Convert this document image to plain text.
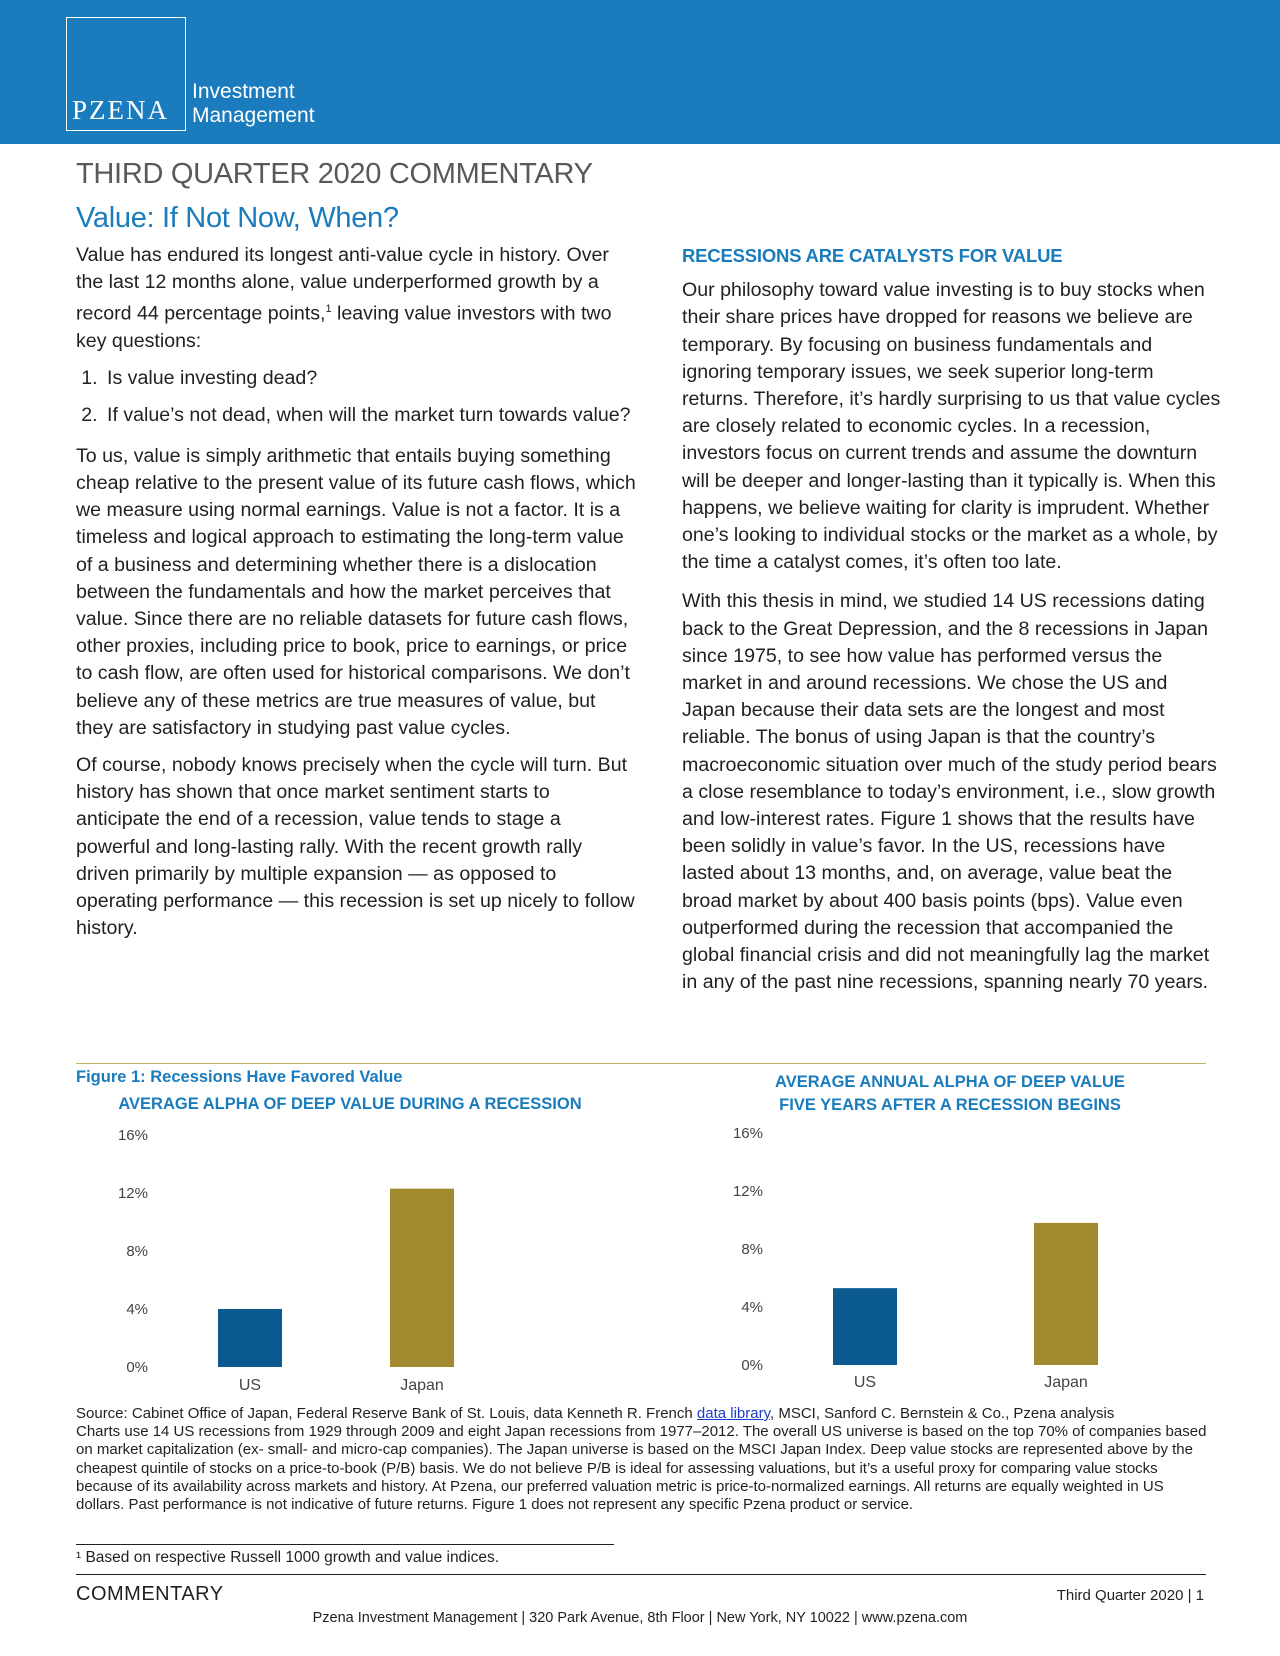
PZENA
Investment
Management
THIRD QUARTER 2020 COMMENTARY
Value: If Not Now, When?

Value has endured its longest anti-value cycle in history. Over the last 12 months alone, value underperformed growth by a record 44 percentage points,$^1$ leaving value investors with two key questions:

1. Is value investing dead?
2. If value’s not dead, when will the market turn towards value?

To us, value is simply arithmetic that entails buying something cheap relative to the present value of its future cash flows, which we measure using normal earnings. Value is not a factor. It is a timeless and logical approach to estimating the long-term value of a business and determining whether there is a dislocation between the fundamentals and how the market perceives that value. Since there are no reliable datasets for future cash flows, other proxies, including price to book, price to earnings, or price to cash flow, are often used for historical comparisons. We don’t believe any of these metrics are true measures of value, but they are satisfactory in studying past value cycles.

Of course, nobody knows precisely when the cycle will turn. But history has shown that once market sentiment starts to anticipate the end of a recession, value tends to stage a powerful and long-lasting rally. With the recent growth rally driven primarily by multiple expansion — as opposed to operating performance — this recession is set up nicely to follow history.

RECESSIONS ARE CATALYSTS FOR VALUE

Our philosophy toward value investing is to buy stocks when their share prices have dropped for reasons we believe are temporary. By focusing on business fundamentals and ignoring temporary issues, we seek superior long-term returns. Therefore, it’s hardly surprising to us that value cycles are closely related to economic cycles. In a recession, investors focus on current trends and assume the downturn will be deeper and longer-lasting than it typically is. When this happens, we believe waiting for clarity is imprudent. Whether one’s looking to individual stocks or the market as a whole, by the time a catalyst comes, it’s often too late.

With this thesis in mind, we studied 14 US recessions dating back to the Great Depression, and the 8 recessions in Japan since 1975, to see how value has performed versus the market in and around recessions. We chose the US and Japan because their data sets are the longest and most reliable. The bonus of using Japan is that the country’s macroeconomic situation over much of the study period bears a close resemblance to today’s environment, i.e., slow growth and low-interest rates. Figure 1 shows that the results have been solidly in value’s favor. In the US, recessions have lasted about 13 months, and, on average, value beat the broad market by about 400 basis points (bps). Value even outperformed during the recession that accompanied the global financial crisis and did not meaningfully lag the market in any of the past nine recessions, spanning nearly 70 years.

Figure 1: Recessions Have Favored Value
AVERAGE ALPHA OF DEEP VALUE DURING A RECESSION
AVERAGE ANNUAL ALPHA OF DEEP VALUE
FIVE YEARS AFTER A RECESSION BEGINS
0%
4%
8%
12%
16%
US	Japan
0%
4%
8%
12%
16%
US	Japan
Source: Cabinet Office of Japan, Federal Reserve Bank of St. Louis, data Kenneth R. French data library, MSCI, Sanford C. Bernstein & Co., Pzena analysis
Charts use 14 US recessions from 1929 through 2009 and eight Japan recessions from 1977–2012. The overall US universe is based on the top 70% of companies based on market capitalization (ex- small- and micro-cap companies). The Japan universe is based on the MSCI Japan Index. Deep value stocks are represented above by the cheapest quintile of stocks on a price-to-book (P/B) basis. We do not believe P/B is ideal for assessing valuations, but it’s a useful proxy for comparing value stocks because of its availability across markets and history. At Pzena, our preferred valuation metric is price-to-normalized earnings. All returns are equally weighted in US dollars. Past performance is not indicative of future returns. Figure 1 does not represent any specific Pzena product or service.
¹ Based on respective Russell 1000 growth and value indices.
COMMENTARY	Third Quarter 2020 | 1
Pzena Investment Management | 320 Park Avenue, 8th Floor | New York, NY 10022 | www.pzena.com
